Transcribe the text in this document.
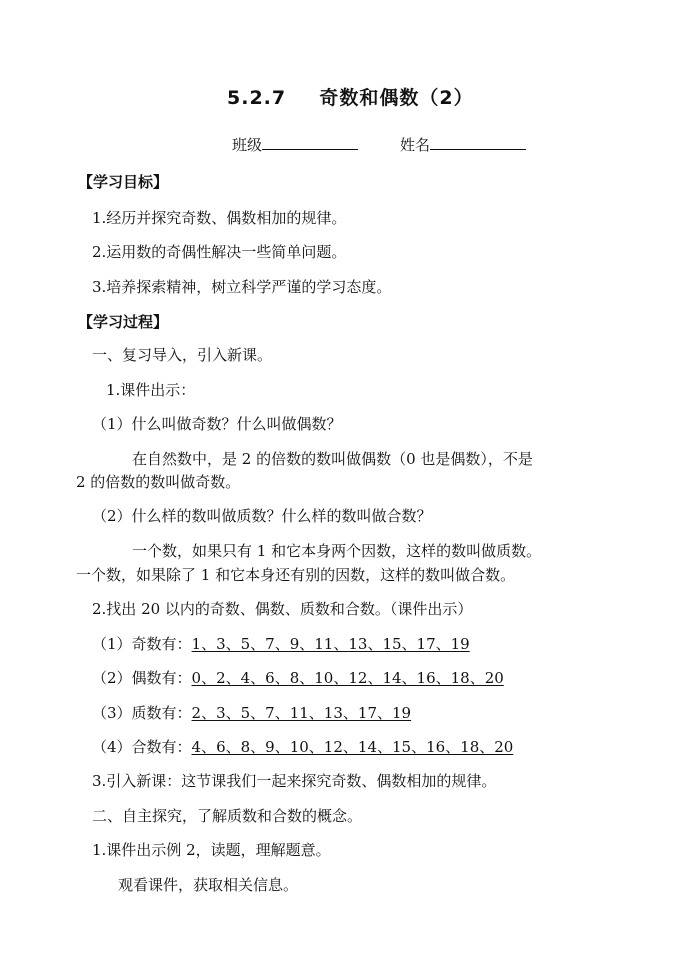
5.2.7 奇数和偶数（2）
班级	姓名
【学习目标】
1.经历并探究奇数、偶数相加的规律。
2.运用数的奇偶性解决一些简单问题。
3.培养探索精神，树立科学严谨的学习态度。
【学习过程】
一、复习导入，引入新课。
1.课件出示：
（1）什么叫做奇数？什么叫做偶数？
在自然数中，是 2 的倍数的数叫做偶数（0 也是偶数），不是
2 的倍数的数叫做奇数。
（2）什么样的数叫做质数？什么样的数叫做合数？
一个数，如果只有 1 和它本身两个因数，这样的数叫做质数。
一个数，如果除了 1 和它本身还有别的因数，这样的数叫做合数。
2.找出 20 以内的奇数、偶数、质数和合数。（课件出示）
（1）奇数有：1、3、5、7、9、11、13、15、17、19
（2）偶数有：0、2、4、6、8、10、12、14、16、18、20
（3）质数有：2、3、5、7、11、13、17、19
（4）合数有：4、6、8、9、10、12、14、15、16、18、20
3.引入新课：这节课我们一起来探究奇数、偶数相加的规律。
二、自主探究，了解质数和合数的概念。
1.课件出示例 2，读题，理解题意。
观看课件，获取相关信息。
